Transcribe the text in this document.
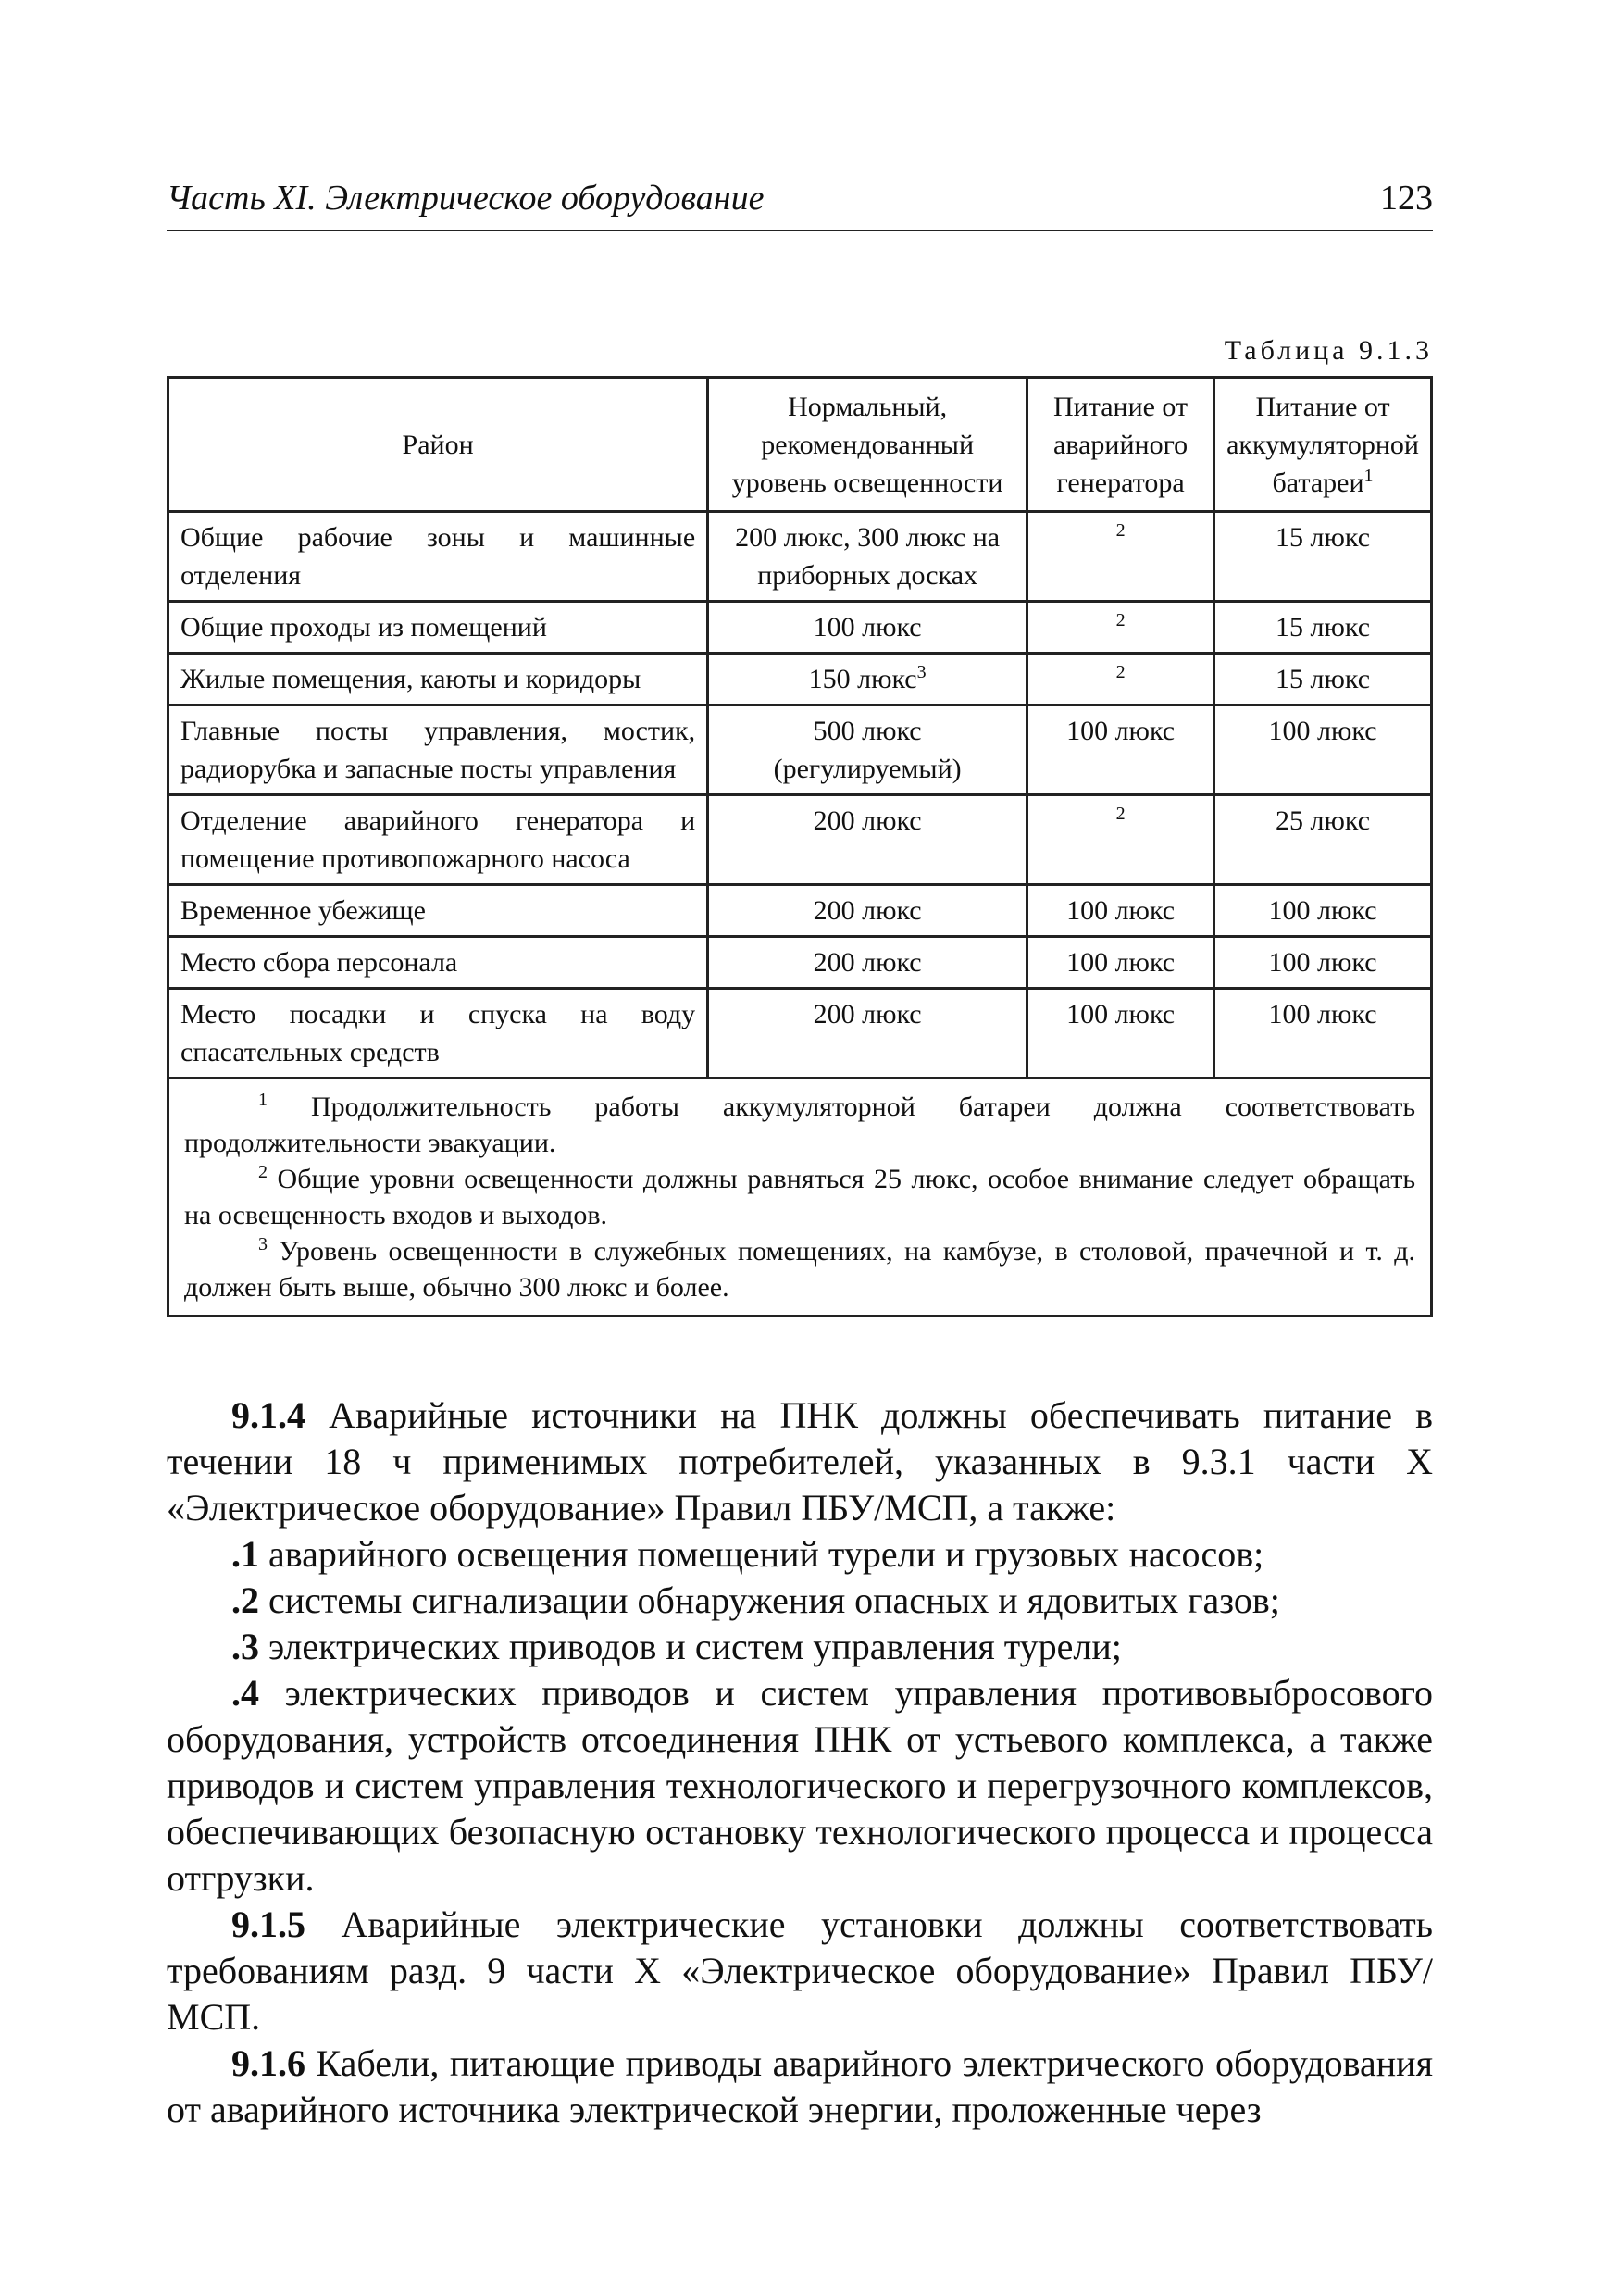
Часть XI. Электрическое оборудование	123
Таблица 9.1.3
Район	Нормальный, рекомендованный уровень освещенности	Питание от аварийного генератора	Питание от аккумуляторной батареи$^1$
Общие рабочие зоны и машинные отделения	200 люкс, 300 люкс на приборных досках	$^2$	15 люкс
Общие проходы из помещений	100 люкс	$^2$	15 люкс
Жилые помещения, каюты и коридоры	150 люкс$^3$	$^2$	15 люкс
Главные посты управления, мостик, радиорубка и запасные посты управления	500 люкс (регулируемый)	100 люкс	100 люкс
Отделение аварийного генератора и помещение противопожарного насоса	200 люкс	$^2$	25 люкс
Временное убежище	200 люкс	100 люкс	100 люкс
Место сбора персонала	200 люкс	100 люкс	100 люкс
Место посадки и спуска на воду спасательных средств	200 люкс	100 люкс	100 люкс

$^1$ Продолжительность работы аккумуляторной батареи должна соответствовать продолжительности эвакуации.
$^2$ Общие уровни освещенности должны равняться 25 люкс, особое внимание следует обращать на освещенность входов и выходов.
$^3$ Уровень освещенности в служебных помещениях, на камбузе, в столовой, прачечной и т. д. должен быть выше, обычно 300 люкс и более.			

9.1.4 Аварийные источники на ПНК должны обеспечивать питание в течении 18 ч применимых потребителей, указанных в 9.3.1 части X «Электрическое оборудование» Правил ПБУ/МСП, а также:

.1 аварийного освещения помещений турели и грузовых насосов;

.2 системы сигнализации обнаружения опасных и ядовитых газов;

.3 электрических приводов и систем управления турели;

.4 электрических приводов и систем управления противовыбросового оборудования, устройств отсоединения ПНК от устьевого комплекса, а также приводов и систем управления технологического и перегрузочного комплексов, обеспечивающих безопасную остановку технологического процесса и процесса отгрузки.

9.1.5 Аварийные электрические установки должны соответствовать требованиям разд. 9 части X «Электрическое оборудование» Правил ПБУ/МСП.

9.1.6 Кабели, питающие приводы аварийного электрического оборудования от аварийного источника электрической энергии, проложенные через
